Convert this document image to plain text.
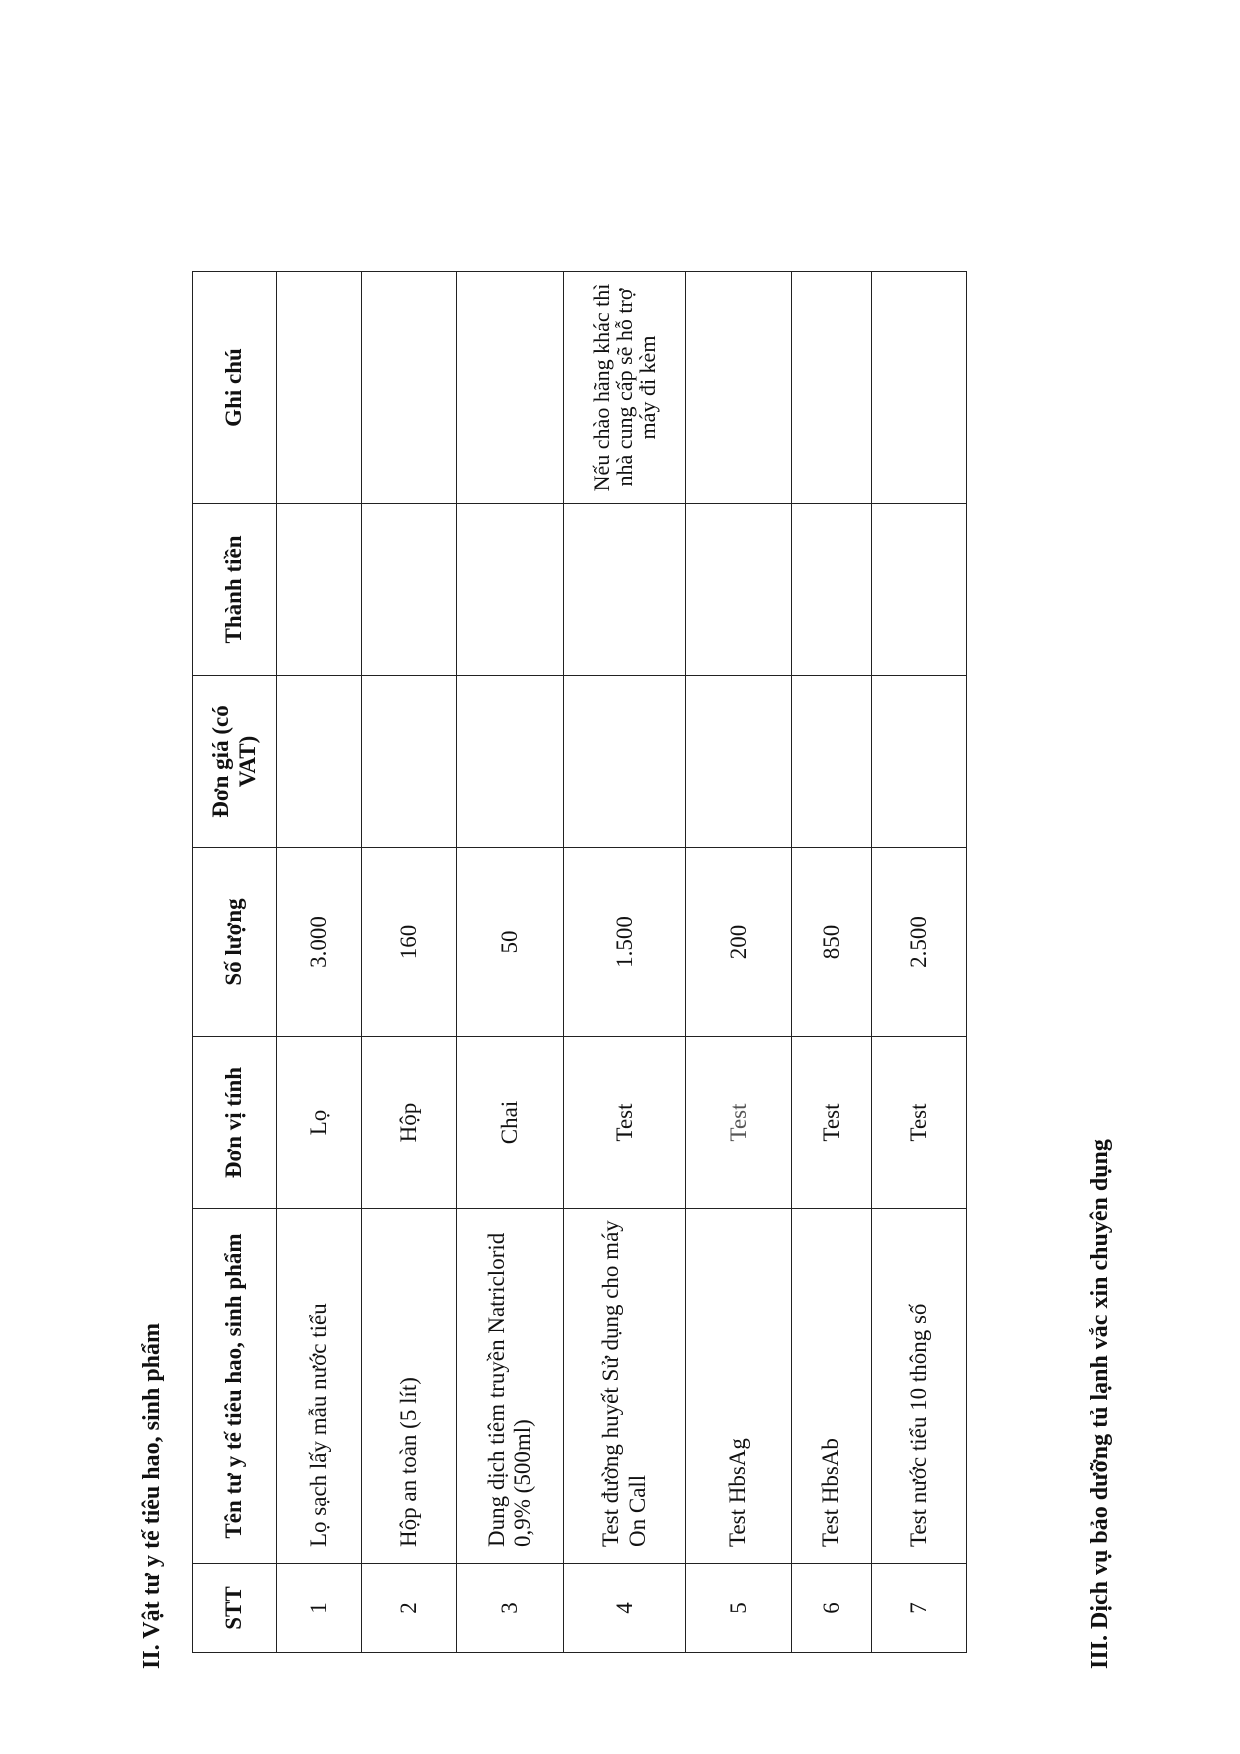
II. Vật tư y tế tiêu hao, sinh phẩm STT	Tên tư y tế tiêu hao, sinh phẩm	Đơn vị tính	Số lượng	Đơn giá (có VAT)	Thành tiền	Ghi chú
1	Lọ sạch lấy mẫu nước tiểu	Lọ	3.000			
2	Hộp an toàn (5 lít)	Hộp	160			
3	Dung dịch tiêm truyền Natriclorid 0,9% (500ml)	Chai	50			
4	Test đường huyết Sử dụng cho máy On Call	Test	1.500			Nếu chào hãng khác thì nhà cung cấp sẽ hỗ trợ máy đi kèm
5	Test HbsAg	Test	200			
6	Test HbsAb	Test	850			
7	Test nước tiểu 10 thông số	Test	2.500			
III. Dịch vụ bảo dưỡng tủ lạnh vắc xin chuyên dụng
